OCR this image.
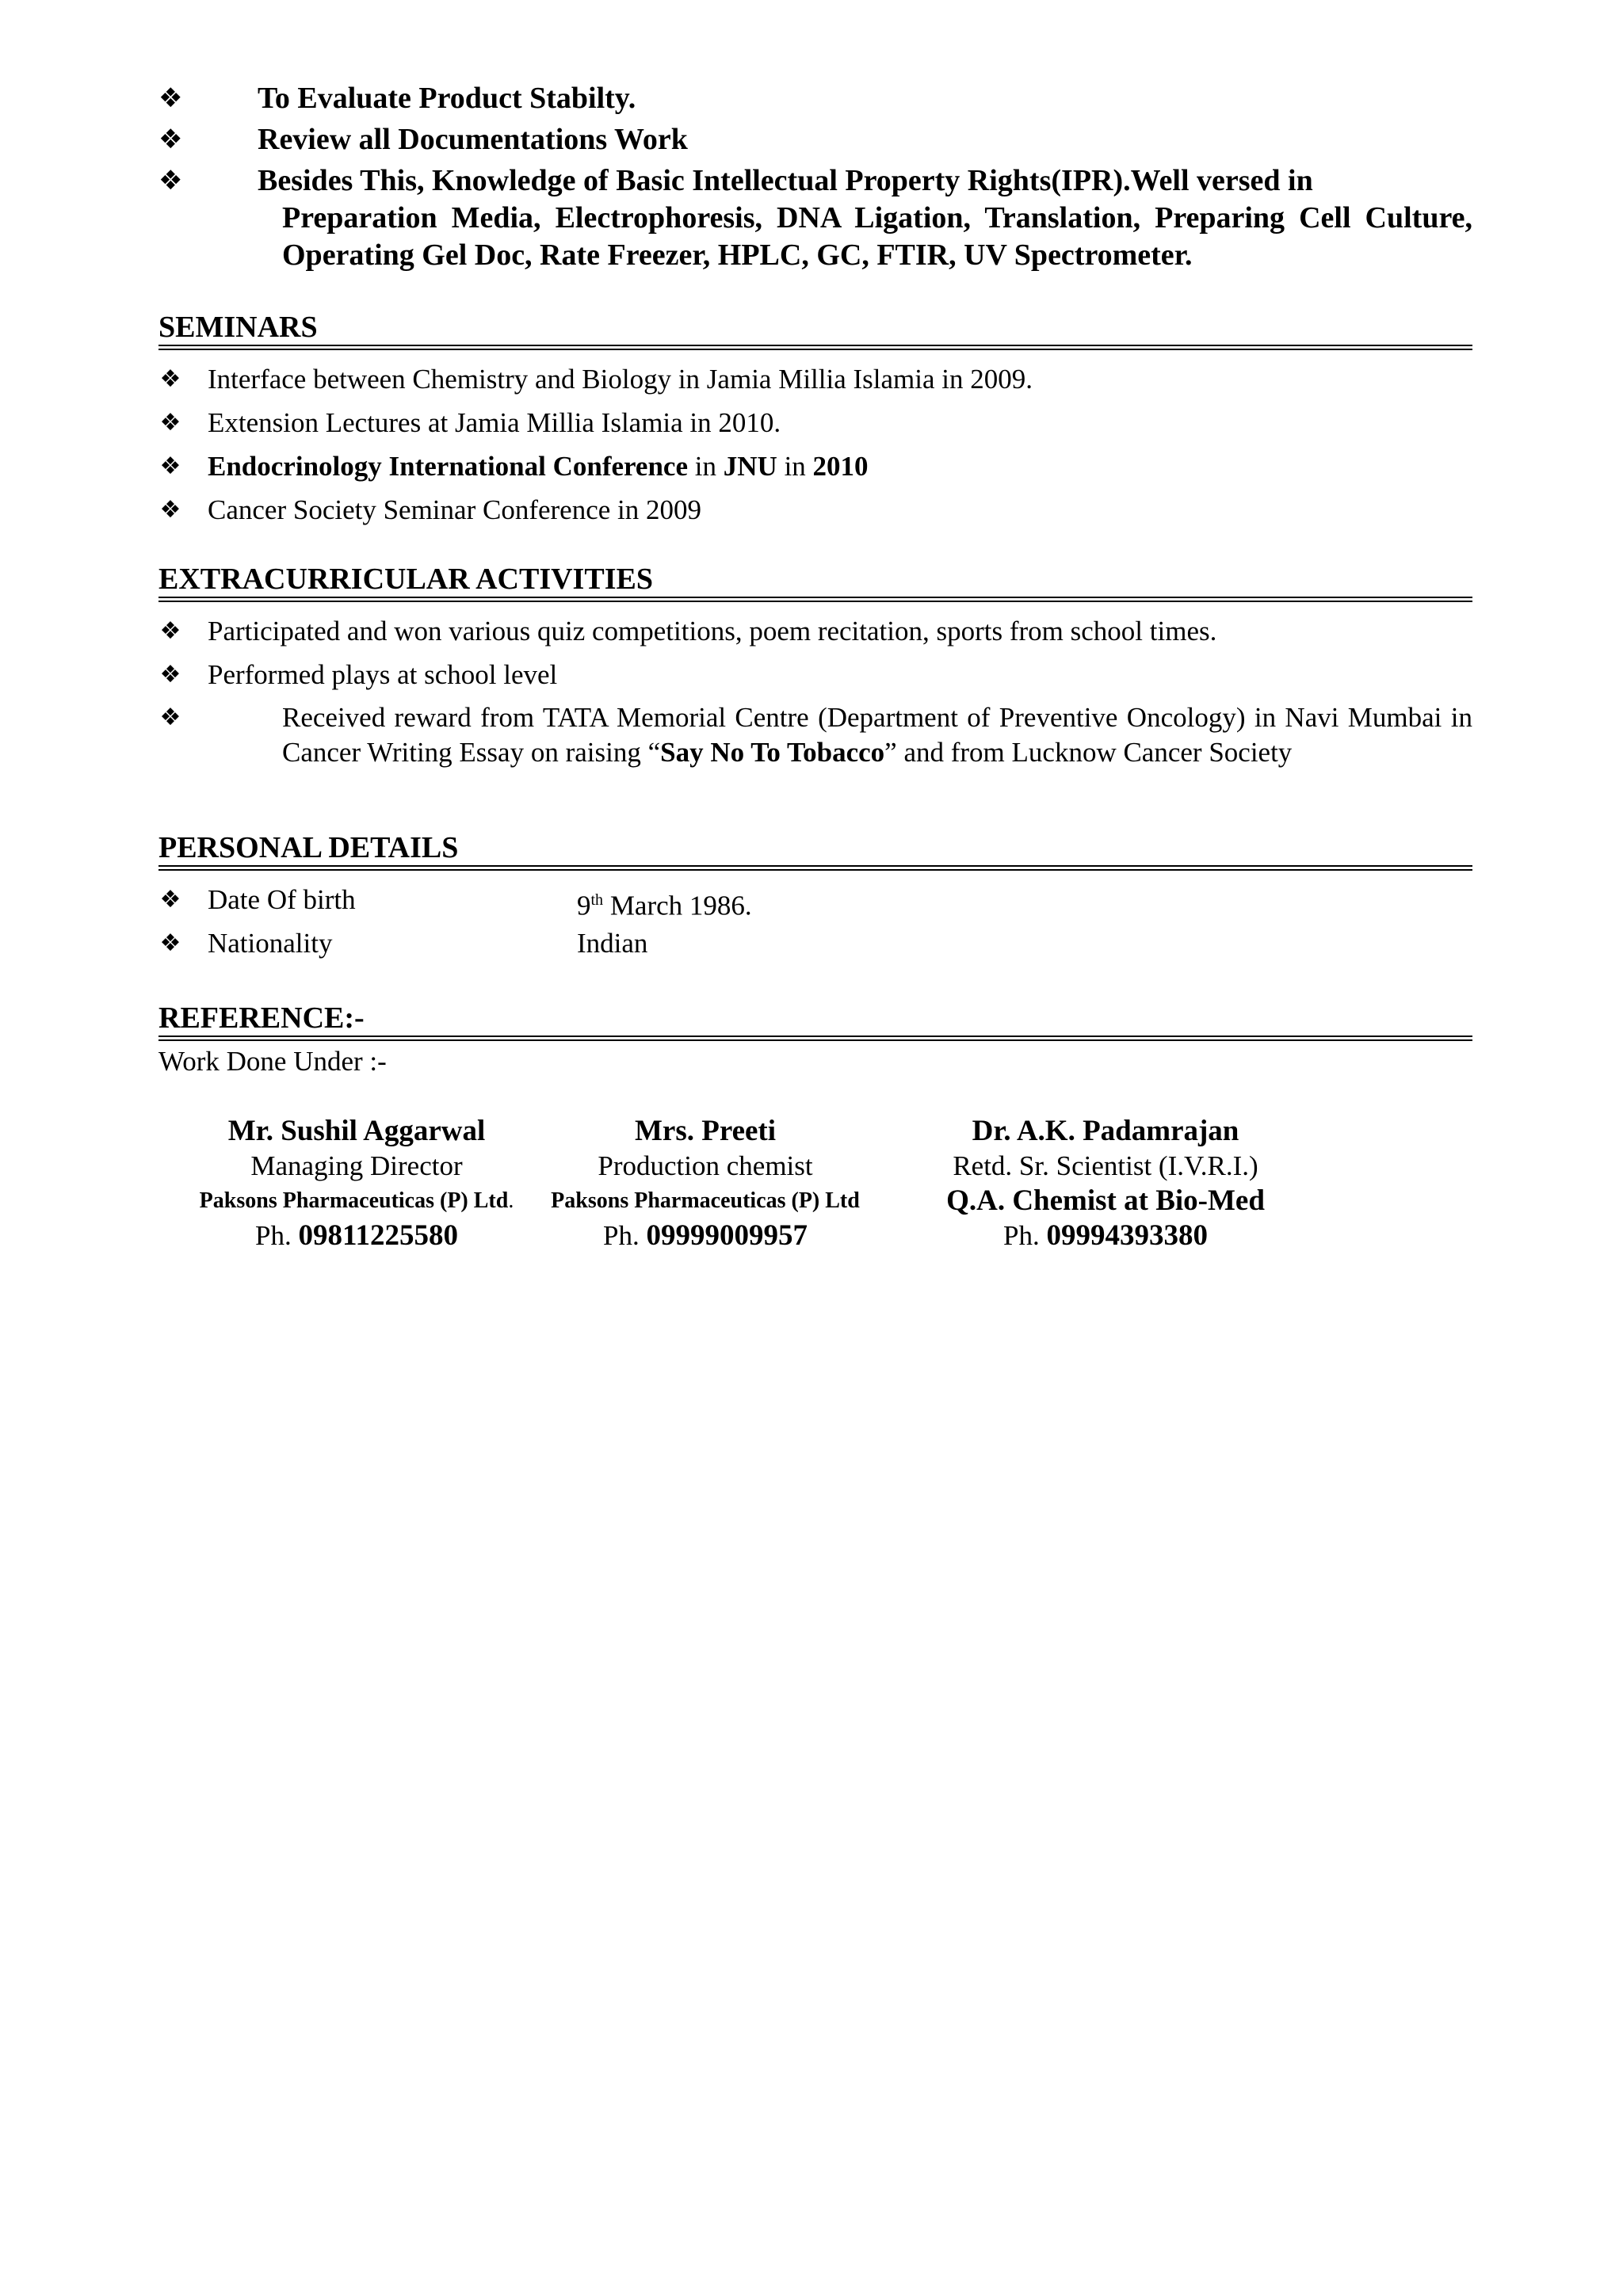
❖ To Evaluate Product Stabilty.
❖ Review all Documentations Work
❖ Besides This, Knowledge of Basic Intellectual Property Rights(IPR).Well versed in
Preparation Media, Electrophoresis, DNA Ligation, Translation, Preparing Cell Culture, Operating Gel Doc, Rate Freezer, HPLC, GC, FTIR, UV Spectrometer.
SEMINARS
❖ Interface between Chemistry and Biology in Jamia Millia Islamia in 2009.
❖ Extension Lectures at Jamia Millia Islamia in 2010.
❖ Endocrinology International Conference in JNU in 2010
❖ Cancer Society Seminar Conference in 2009
EXTRACURRICULAR ACTIVITIES
❖ Participated and won various quiz competitions, poem recitation, sports from school times.
❖ Performed plays at school level
❖	Received reward from TATA Memorial Centre (Department of Preventive Oncology) in Navi Mumbai in Cancer Writing Essay on raising “Say No To Tobacco” and from Lucknow Cancer Society
PERSONAL DETAILS
❖ Date Of birth	9th March 1986.
❖ Nationality	Indian
REFERENCE:-
Work Done Under :-
Mr. Sushil Aggarwal
Managing Director
Paksons Pharmaceuticas (P) Ltd.
Ph. 09811225580
Mrs. Preeti
Production chemist
Paksons Pharmaceuticas (P) Ltd
Ph. 09999009957
Dr. A.K. Padamrajan
Retd. Sr. Scientist (I.V.R.I.)
Q.A. Chemist at Bio-Med
Ph. 09994393380
